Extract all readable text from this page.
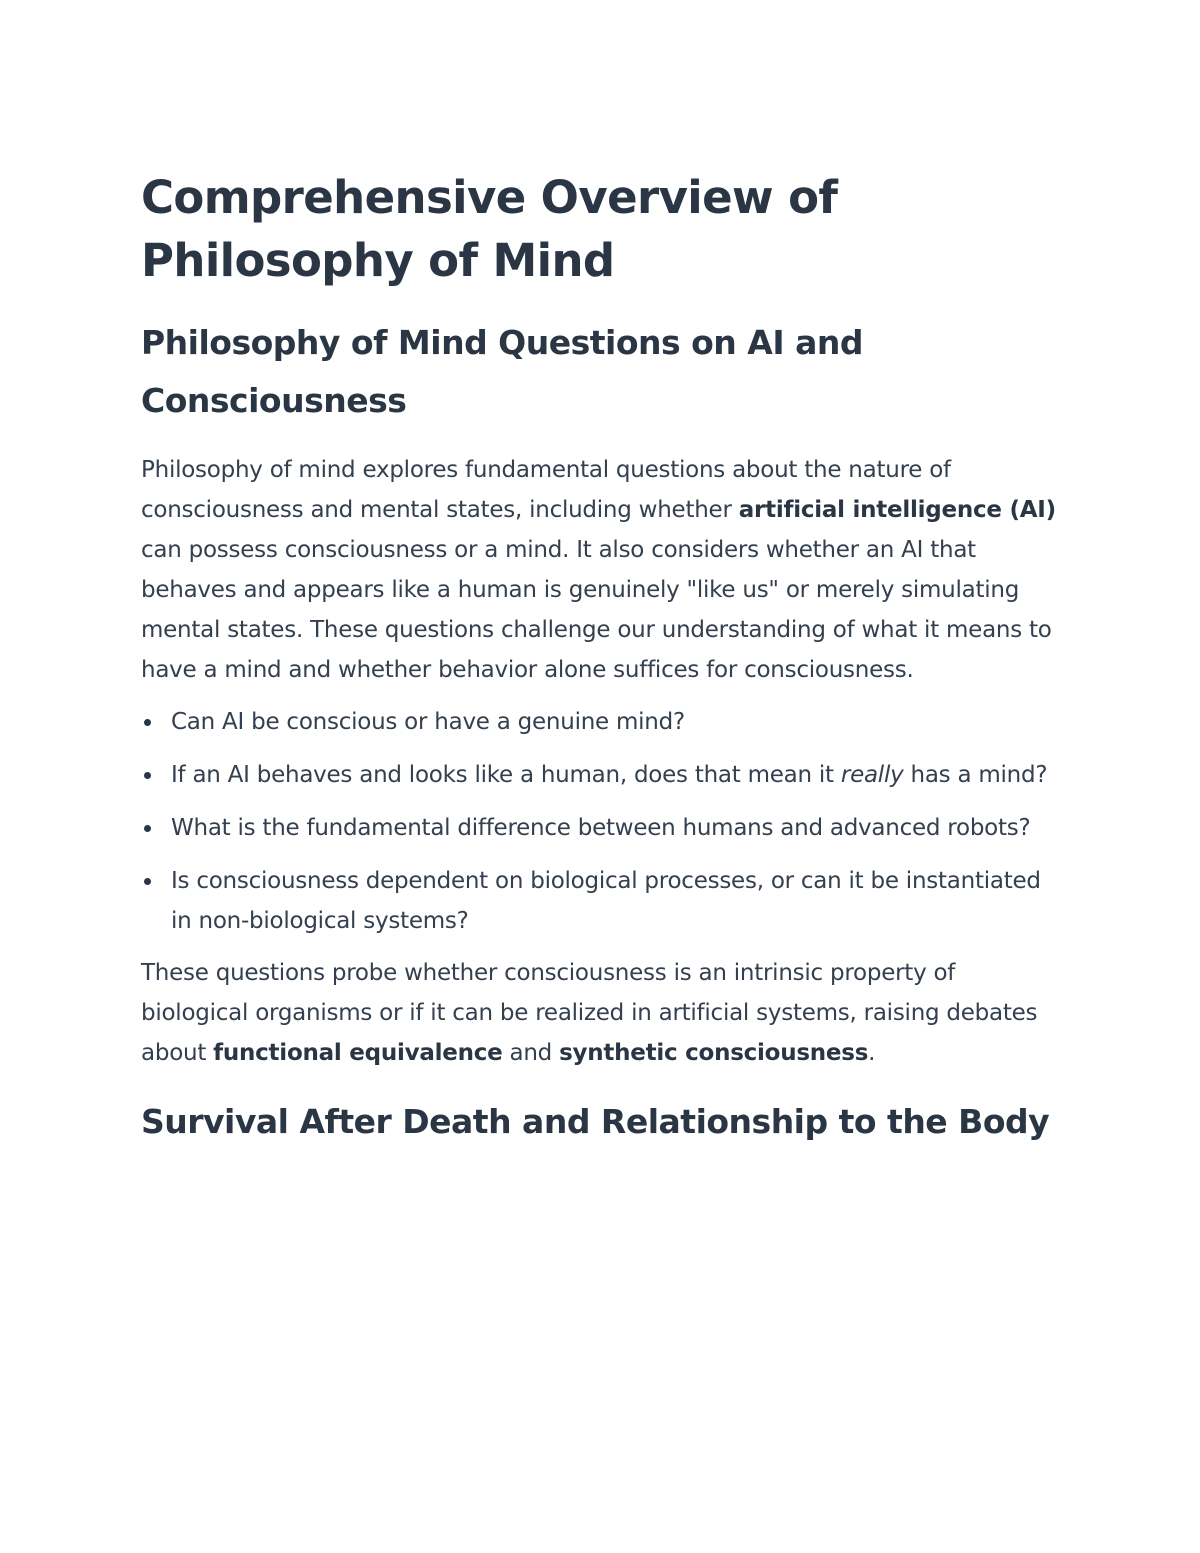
Comprehensive Overview of Philosophy of Mind
Philosophy of Mind Questions on AI and Consciousness

Philosophy of mind explores fundamental questions about the nature of consciousness and mental states, including whether artificial intelligence (AI) can possess consciousness or a mind. It also considers whether an AI that behaves and appears like a human is genuinely "like us" or merely simulating mental states. These questions challenge our understanding of what it means to have a mind and whether behavior alone suffices for consciousness.

Can AI be conscious or have a genuine mind?
If an AI behaves and looks like a human, does that mean it really has a mind?
What is the fundamental difference between humans and advanced robots?
Is consciousness dependent on biological processes, or can it be instantiated in non-biological systems?

These questions probe whether consciousness is an intrinsic property of biological organisms or if it can be realized in artificial systems, raising debates about functional equivalence and synthetic consciousness.

Survival After Death and Relationship to the Body
